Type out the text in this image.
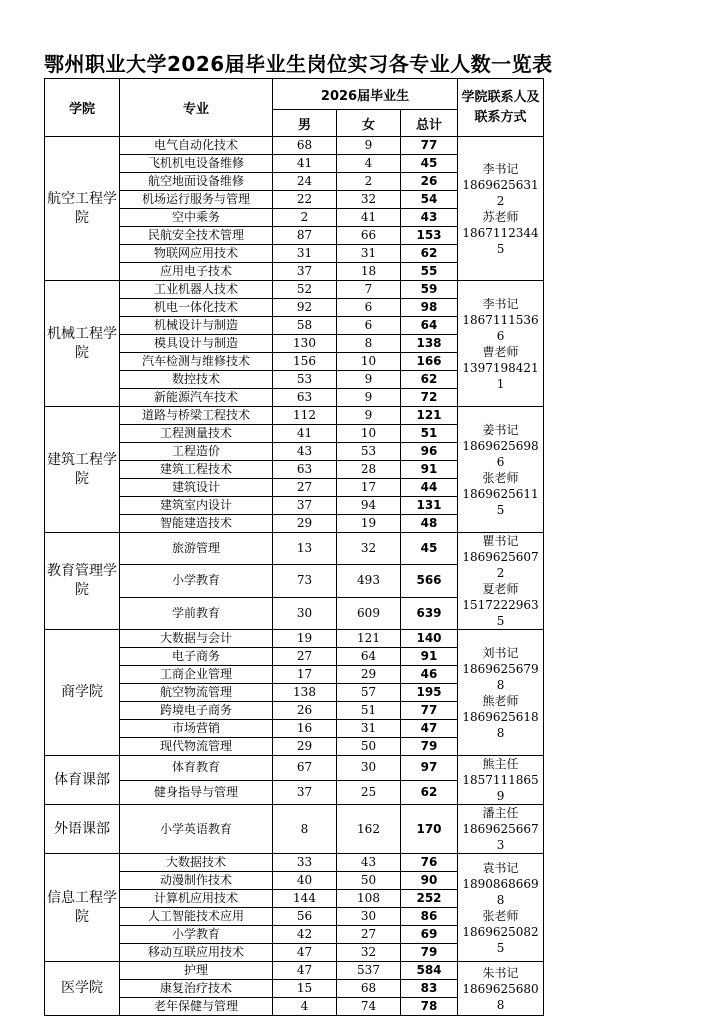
鄂州职业大学2026届毕业生岗位实习各专业人数一览表
学院	专业	2026届毕业生			学院联系人及联系方式
		男	女	总计	
航空工程学院	电气自动化技术	68	9	77	李书记
18696256312
苏老师
18671123445

	飞机机电设备维修	41	4	45	
	航空地面设备维修	24	2	26	
	机场运行服务与管理	22	32	54	
	空中乘务	2	41	43	
	民航安全技术管理	87	66	153	
	物联网应用技术	31	31	62	
	应用电子技术	37	18	55	
机械工程学院	工业机器人技术	52	7	59	李书记
18671115366
曹老师
13971984211

	机电一体化技术	92	6	98	
	机械设计与制造	58	6	64	
	模具设计与制造	130	8	138	
	汽车检测与维修技术	156	10	166	
	数控技术	53	9	62	
	新能源汽车技术	63	9	72	
建筑工程学院	道路与桥梁工程技术	112	9	121	姜书记
18696256986
张老师
18696256115

	工程测量技术	41	10	51	
	工程造价	43	53	96	
	建筑工程技术	63	28	91	
	建筑设计	27	17	44	
	建筑室内设计	37	94	131	
	智能建造技术	29	19	48	
教育管理学院	旅游管理	13	32	45	瞿书记
18696256072
夏老师
15172229635

	小学教育	73	493	566	
	学前教育	30	609	639	
商学院	大数据与会计	19	121	140	刘书记
18696256798
熊老师
18696256188

	电子商务	27	64	91	
	工商企业管理	17	29	46	
	航空物流管理	138	57	195	
	跨境电子商务	26	51	77	
	市场营销	16	31	47	
	现代物流管理	29	50	79	
体育课部	体育教育	67	30	97	熊主任
18571118659

	健身指导与管理	37	25	62	
外语课部	小学英语教育	8	162	170	潘主任
18696256673

信息工程学院	大数据技术	33	43	76	袁书记
18908686698
张老师
18696250825

	动漫制作技术	40	50	90	
	计算机应用技术	144	108	252	
	人工智能技术应用	56	30	86	
	小学教育	42	27	69	
	移动互联应用技术	47	32	79	
医学院	护理	47	537	584	朱书记
18696256808

	康复治疗技术	15	68	83	
	老年保健与管理	4	74	78	
